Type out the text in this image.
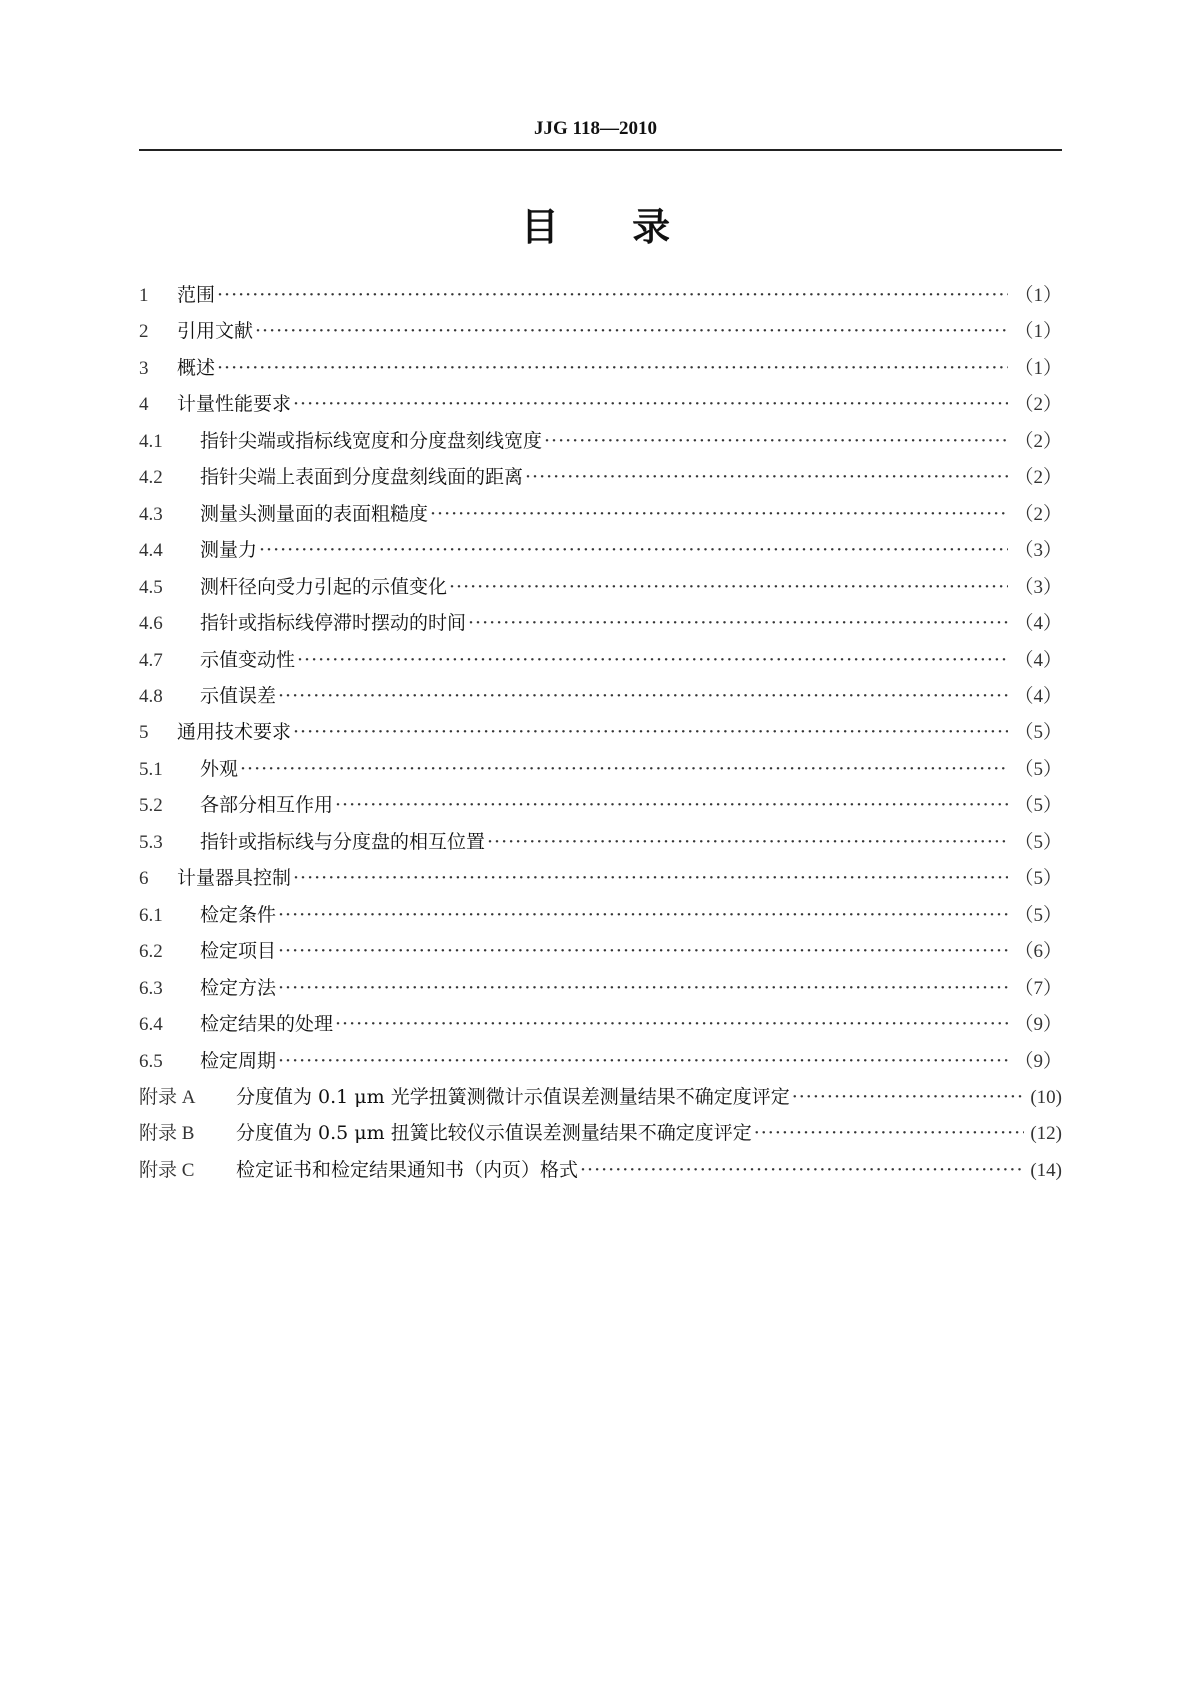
JJG 118—2010
目 录
1	范围 ·····	（1）
2	引用文献 ·····	（1）
3	概述 ·····	（1）
4	计量性能要求 ·····	（2）
4.1	指针尖端或指标线宽度和分度盘刻线宽度 ·····	（2）
4.2	指针尖端上表面到分度盘刻线面的距离 ·····	（2）
4.3	测量头测量面的表面粗糙度 ·····	（2）
4.4	测量力 ·····	（3）
4.5	测杆径向受力引起的示值变化 ·····	（3）
4.6	指针或指标线停滞时摆动的时间 ·····	（4）
4.7	示值变动性 ·····	（4）
4.8	示值误差 ·····	（4）
5	通用技术要求 ·····	（5）
5.1	外观 ·····	（5）
5.2	各部分相互作用 ·····	（5）
5.3	指针或指标线与分度盘的相互位置 ·····	（5）
6	计量器具控制 ·····	（5）
6.1	检定条件 ·····	（5）
6.2	检定项目 ·····	（6）
6.3	检定方法 ·····	（7）
6.4	检定结果的处理 ·····	（9）
6.5	检定周期 ·····	（9）
附录 A	分度值为 0.1 μm 光学扭簧测微计示值误差测量结果不确定度评定 ·····	(10)
附录 B	分度值为 0.5 μm 扭簧比较仪示值误差测量结果不确定度评定 ·····	(12)
附录 C	检定证书和检定结果通知书（内页）格式 ·····	(14)
